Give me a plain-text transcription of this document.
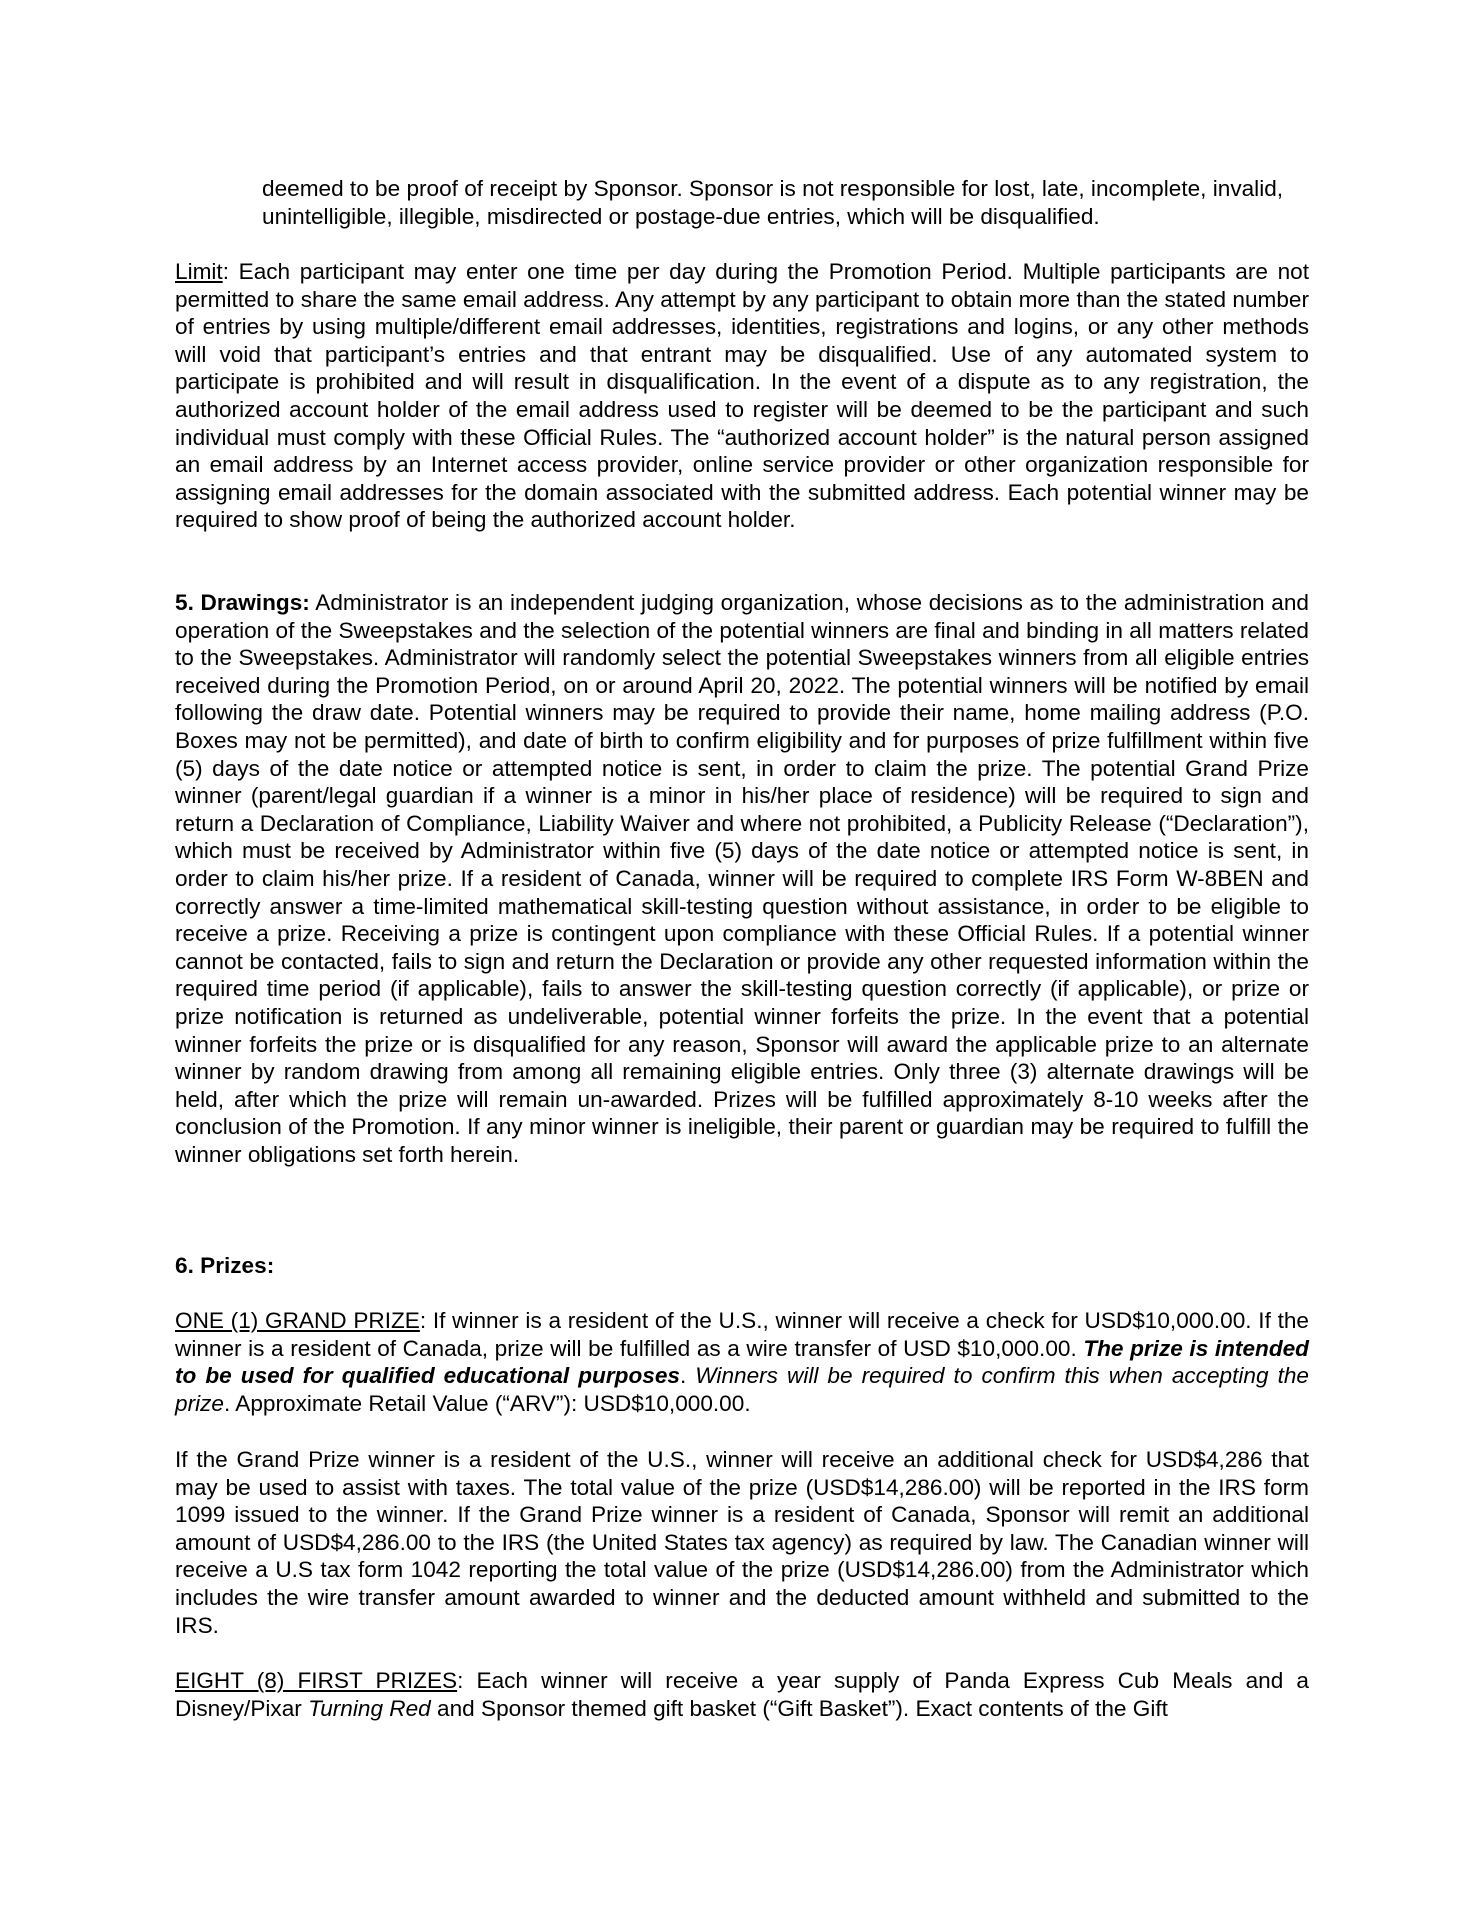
deemed to be proof of receipt by Sponsor. Sponsor is not responsible for lost, late, incomplete, invalid, unintelligible, illegible, misdirected or postage-due entries, which will be disqualified.

Limit: Each participant may enter one time per day during the Promotion Period. Multiple participants are not permitted to share the same email address. Any attempt by any participant to obtain more than the stated number of entries by using multiple/different email addresses, identities, registrations and logins, or any other methods will void that participant’s entries and that entrant may be disqualified. Use of any automated system to participate is prohibited and will result in disqualification. In the event of a dispute as to any registration, the authorized account holder of the email address used to register will be deemed to be the participant and such individual must comply with these Official Rules. The “authorized account holder” is the natural person assigned an email address by an Internet access provider, online service provider or other organization responsible for assigning email addresses for the domain associated with the submitted address. Each potential winner may be required to show proof of being the authorized account holder.

5. Drawings: Administrator is an independent judging organization, whose decisions as to the administration and operation of the Sweepstakes and the selection of the potential winners are final and binding in all matters related to the Sweepstakes. Administrator will randomly select the potential Sweepstakes winners from all eligible entries received during the Promotion Period, on or around April 20, 2022. The potential winners will be notified by email following the draw date. Potential winners may be required to provide their name, home mailing address (P.O. Boxes may not be permitted), and date of birth to confirm eligibility and for purposes of prize fulfillment within five (5) days of the date notice or attempted notice is sent, in order to claim the prize. The potential Grand Prize winner (parent/legal guardian if a winner is a minor in his/her place of residence) will be required to sign and return a Declaration of Compliance, Liability Waiver and where not prohibited, a Publicity Release (“Declaration”), which must be received by Administrator within five (5) days of the date notice or attempted notice is sent, in order to claim his/her prize. If a resident of Canada, winner will be required to complete IRS Form W-8BEN and correctly answer a time-limited mathematical skill-testing question without assistance, in order to be eligible to receive a prize. Receiving a prize is contingent upon compliance with these Official Rules. If a potential winner cannot be contacted, fails to sign and return the Declaration or provide any other requested information within the required time period (if applicable), fails to answer the skill-testing question correctly (if applicable), or prize or prize notification is returned as undeliverable, potential winner forfeits the prize. In the event that a potential winner forfeits the prize or is disqualified for any reason, Sponsor will award the applicable prize to an alternate winner by random drawing from among all remaining eligible entries. Only three (3) alternate drawings will be held, after which the prize will remain un-awarded. Prizes will be fulfilled approximately 8-10 weeks after the conclusion of the Promotion. If any minor winner is ineligible, their parent or guardian may be required to fulfill the winner obligations set forth herein.

6. Prizes:

ONE (1) GRAND PRIZE: If winner is a resident of the U.S., winner will receive a check for USD$10,000.00. If the winner is a resident of Canada, prize will be fulfilled as a wire transfer of USD $10,000.00. The prize is intended to be used for qualified educational purposes. Winners will be required to confirm this when accepting the prize. Approximate Retail Value (“ARV”): USD$10,000.00.

If the Grand Prize winner is a resident of the U.S., winner will receive an additional check for USD$4,286 that may be used to assist with taxes. The total value of the prize (USD$14,286.00) will be reported in the IRS form 1099 issued to the winner. If the Grand Prize winner is a resident of Canada, Sponsor will remit an additional amount of USD$4,286.00 to the IRS (the United States tax agency) as required by law. The Canadian winner will receive a U.S tax form 1042 reporting the total value of the prize (USD$14,286.00) from the Administrator which includes the wire transfer amount awarded to winner and the deducted amount withheld and submitted to the IRS.

EIGHT (8) FIRST PRIZES: Each winner will receive a year supply of Panda Express Cub Meals and a Disney/Pixar Turning Red and Sponsor themed gift basket (“Gift Basket”). Exact contents of the Gift
